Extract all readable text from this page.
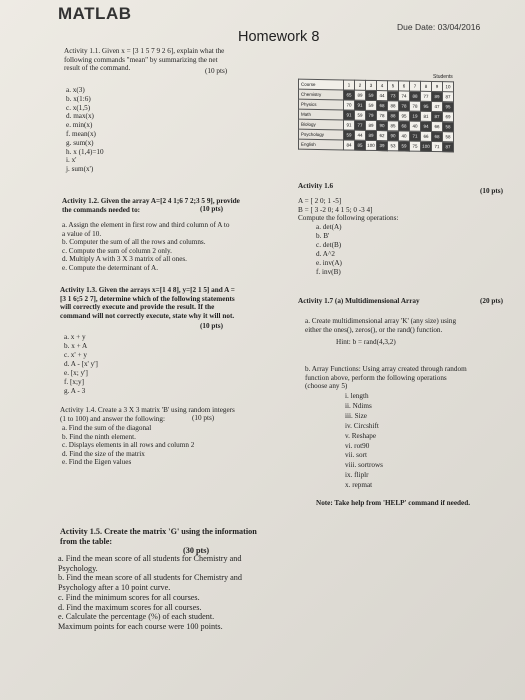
MATLAB
Due Date: 03/04/2016
Homework 8
Activity 1.1. Given x = [3 1 5 7 9 2 6], explain what the
following commands "mean" by summarizing the net
result of the command.	(10 pts)
a. x(3)
b. x(1:6)
c. x(1,5)
d. max(x)
e. min(x)
f. mean(x)
g. sum(x)
h. x (1,4)=10
i. x'
j. sum(x')
Activity 1.2. Given the array A=[2 4 1;6 7 2;3 5 9], provide
the commands needed to:	(10 pts)
a. Assign the element in first row and third column of A to
a value of 10.
b. Computer the sum of all the rows and columns.
c. Compute the sum of column 2 only.
d. Multiply A with 3 X 3 matrix of all ones.
e. Compute the determinant of A.
Activity 1.3. Given the arrays x=[1 4 8], y=[2 1 5] and A =
[3 1 6;5 2 7], determine which of the following statements
will correctly execute and provide the result. If the
command will not correctly execute, state why it will not.
(10 pts)
a. x + y
b. x + A
c. x' + y
d. A - [x' y']
e. [x; y']
f. [x;y]
g. A - 3
Activity 1.4. Create a 3 X 3 matrix 'B' using random integers
(1 to 100) and answer the following:	(10 pts)
a. Find the sum of the diagonal
b. Find the ninth element.
c. Displays elements in all rows and column 2
d. Find the size of the matrix
e. Find the Eigen values
Activity 1.5. Create the matrix 'G' using the information
from the table:
(30 pts)
a. Find the mean score of all students for Chemistry and
Psychology.
b. Find the mean score of all students for Chemistry and
Psychology after a 10 point curve.
c. Find the minimum scores for all courses.
d. Find the maximum scores for all courses.
e. Calculate the percentage (%) of each student.
Maximum points for each course were 100 points.
Students
Course	1	2	3	4	5	6	7	8	9	10
Chemistry	65	89	59	44	73	74	88	77	89	87
Physics	70	91	59	68	88	78	78	95	47	95
Math	91	59	79	78	88	95	19	81	87	69
Biology	91	77	89	90	85	68	40	94	66	58
Psychology	59	44	89	62	90	40	71	66	68	58
English	84	85	100	39	53	59	75	100	71	87
Activity 1.6
(10 pts)
A = [ 2 0; 1 -5]
B = [ 3 -2 0; 4 1 5; 0 -3 4]
Compute the following operations:
a. det(A)
b. B'
c. det(B)
d. A^2
e. inv(A)
f. inv(B)
Activity 1.7 (a) Multidimensional Array	(20 pts)
a. Create multidimensional array 'K' (any size) using
either the ones(), zeros(), or the rand() function.
Hint: b = rand(4,3,2)
b. Array Functions: Using array created through random
function above, perform the following operations
(choose any 5)
i. length
ii. Ndims
iii. Size
iv. Circshift
v. Reshape
vi. rot90
vii. sort
viii. sortrows
ix. fliplr
x. repmat
Note: Take help from 'HELP' command if needed.
